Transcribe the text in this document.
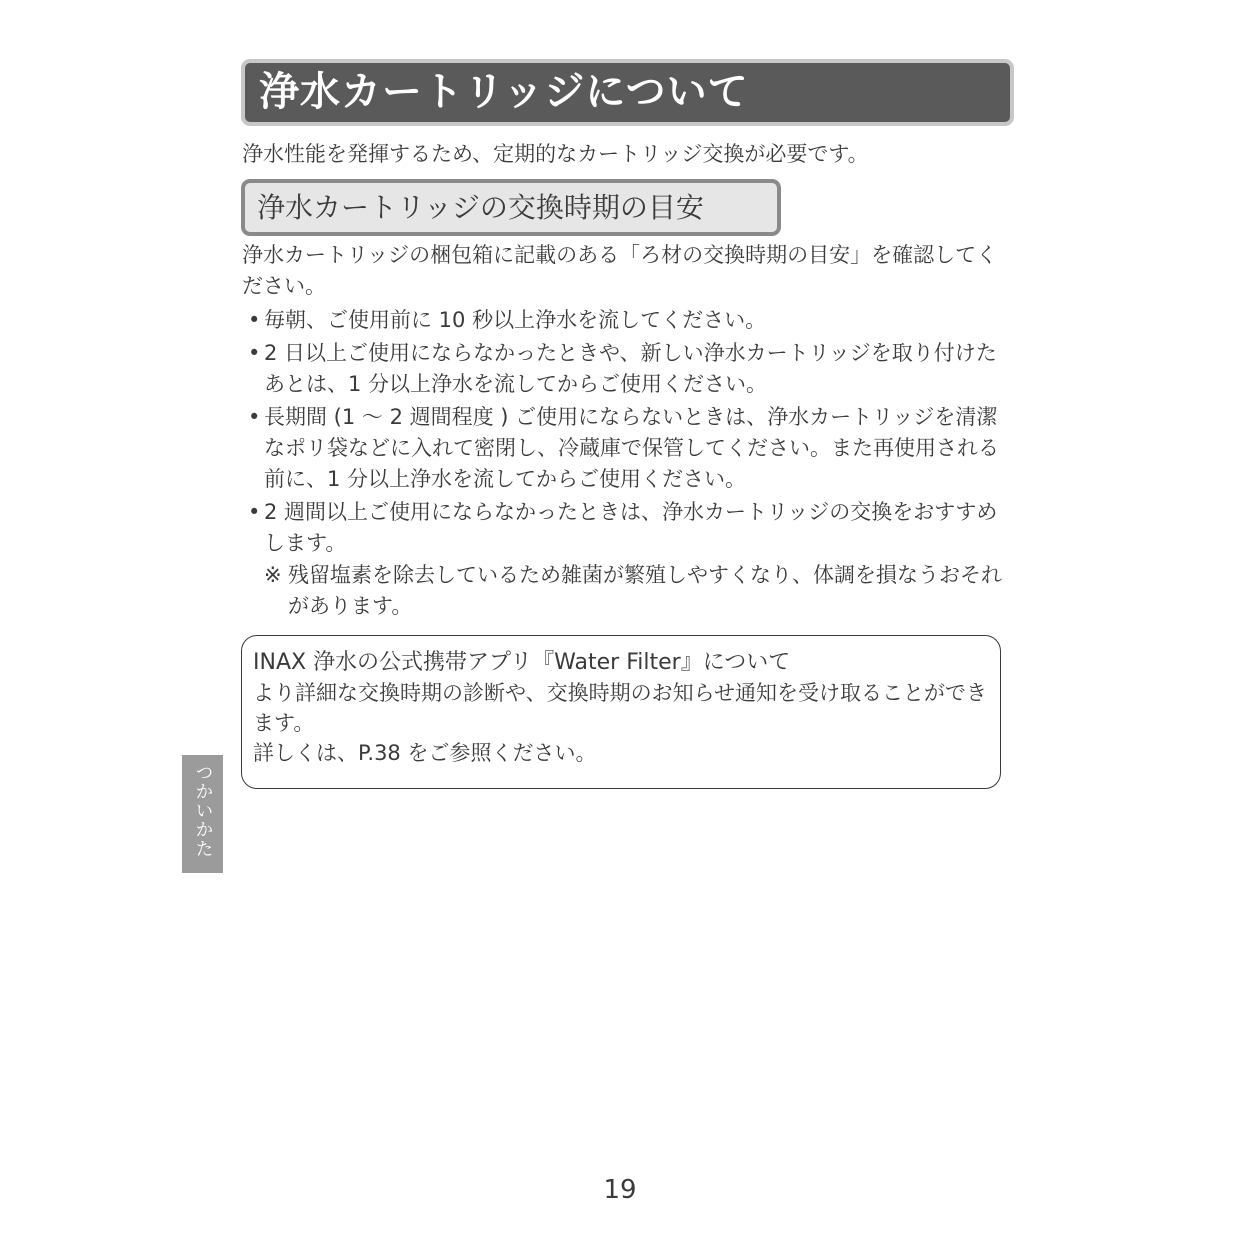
浄水カートリッジについて
浄水性能を発揮するため、定期的なカートリッジ交換が必要です。
浄水カートリッジの交換時期の目安
浄水カートリッジの梱包箱に記載のある「ろ材の交換時期の目安」を確認してください。
• 毎朝、ご使用前に 10 秒以上浄水を流してください。
• 2 日以上ご使用にならなかったときや、新しい浄水カートリッジを取り付けたあとは、1 分以上浄水を流してからご使用ください。
• 長期間 (1 ～ 2 週間程度 ) ご使用にならないときは、浄水カートリッジを清潔なポリ袋などに入れて密閉し、冷蔵庫で保管してください。また再使用される前に、1 分以上浄水を流してからご使用ください。
• 2 週間以上ご使用にならなかったときは、浄水カートリッジの交換をおすすめします。
※ 残留塩素を除去しているため雑菌が繁殖しやすくなり、体調を損なうおそれがあります。
INAX 浄水の公式携帯アプリ『Water Filter』について
より詳細な交換時期の診断や、交換時期のお知らせ通知を受け取ることができます。
詳しくは、P.38 をご参照ください。
つかいかた
19
